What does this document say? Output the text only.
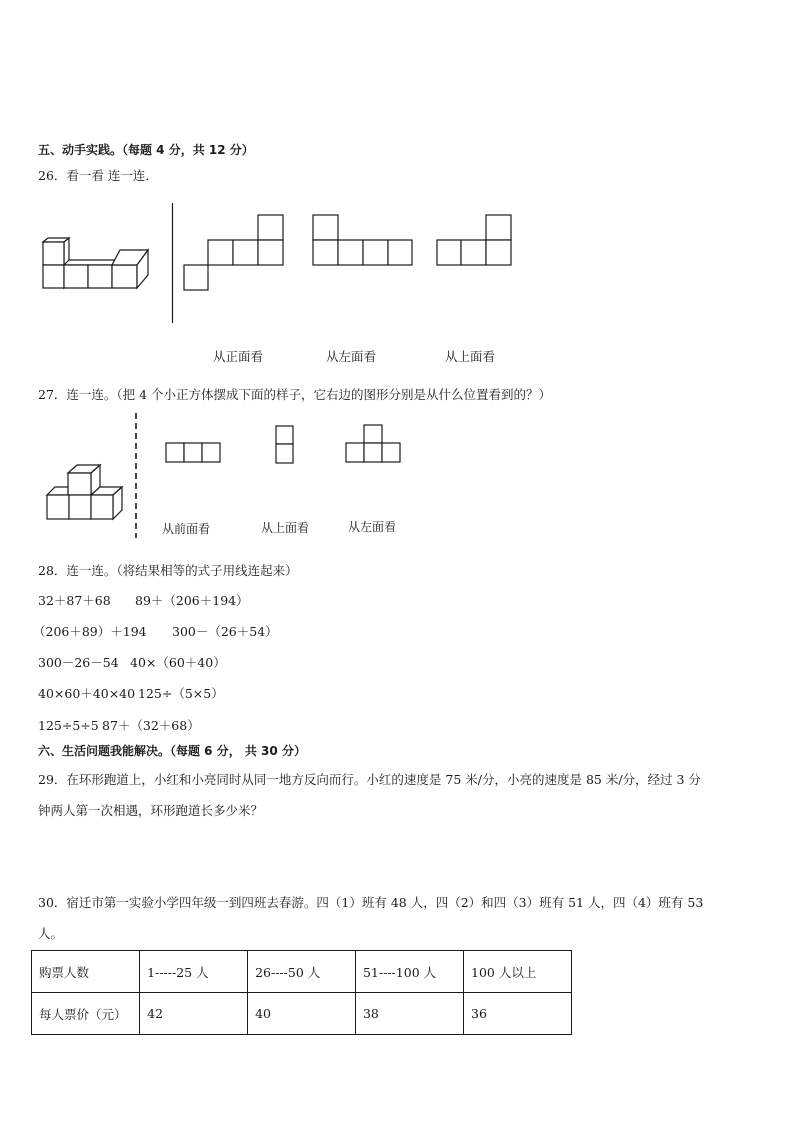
五、动手实践。（每题 4 分，共 12 分）
26．看一看 连一连．
从正面看	从左面看	从上面看
27．连一连。（把 4 个小正方体摆成下面的样子，它右边的图形分别是从什么位置看到的？）
从前面看	从上面看	从左面看
28．连一连。（将结果相等的式子用线连起来）
32＋87＋68 89＋（206＋194）
（206＋89）＋194 300－（26＋54）
300－26－54 40×（60＋40）
40×60＋40×40 125÷（5×5）
125÷5÷5 87＋（32＋68）
六、生活问题我能解决。（每题 6 分， 共 30 分）
29．在环形跑道上，小红和小亮同时从同一地方反向而行。小红的速度是 75 米/分，小亮的速度是 85 米/分，经过 3 分
钟两人第一次相遇，环形跑道长多少米？
30．宿迁市第一实验小学四年级一到四班去春游。四（1）班有 48 人，四（2）和四（3）班有 51 人，四（4）班有 53
人。
购票人数	1-----25 人	26----50 人	51----100 人	100 人以上
每人票价（元）	42	40	38	36
